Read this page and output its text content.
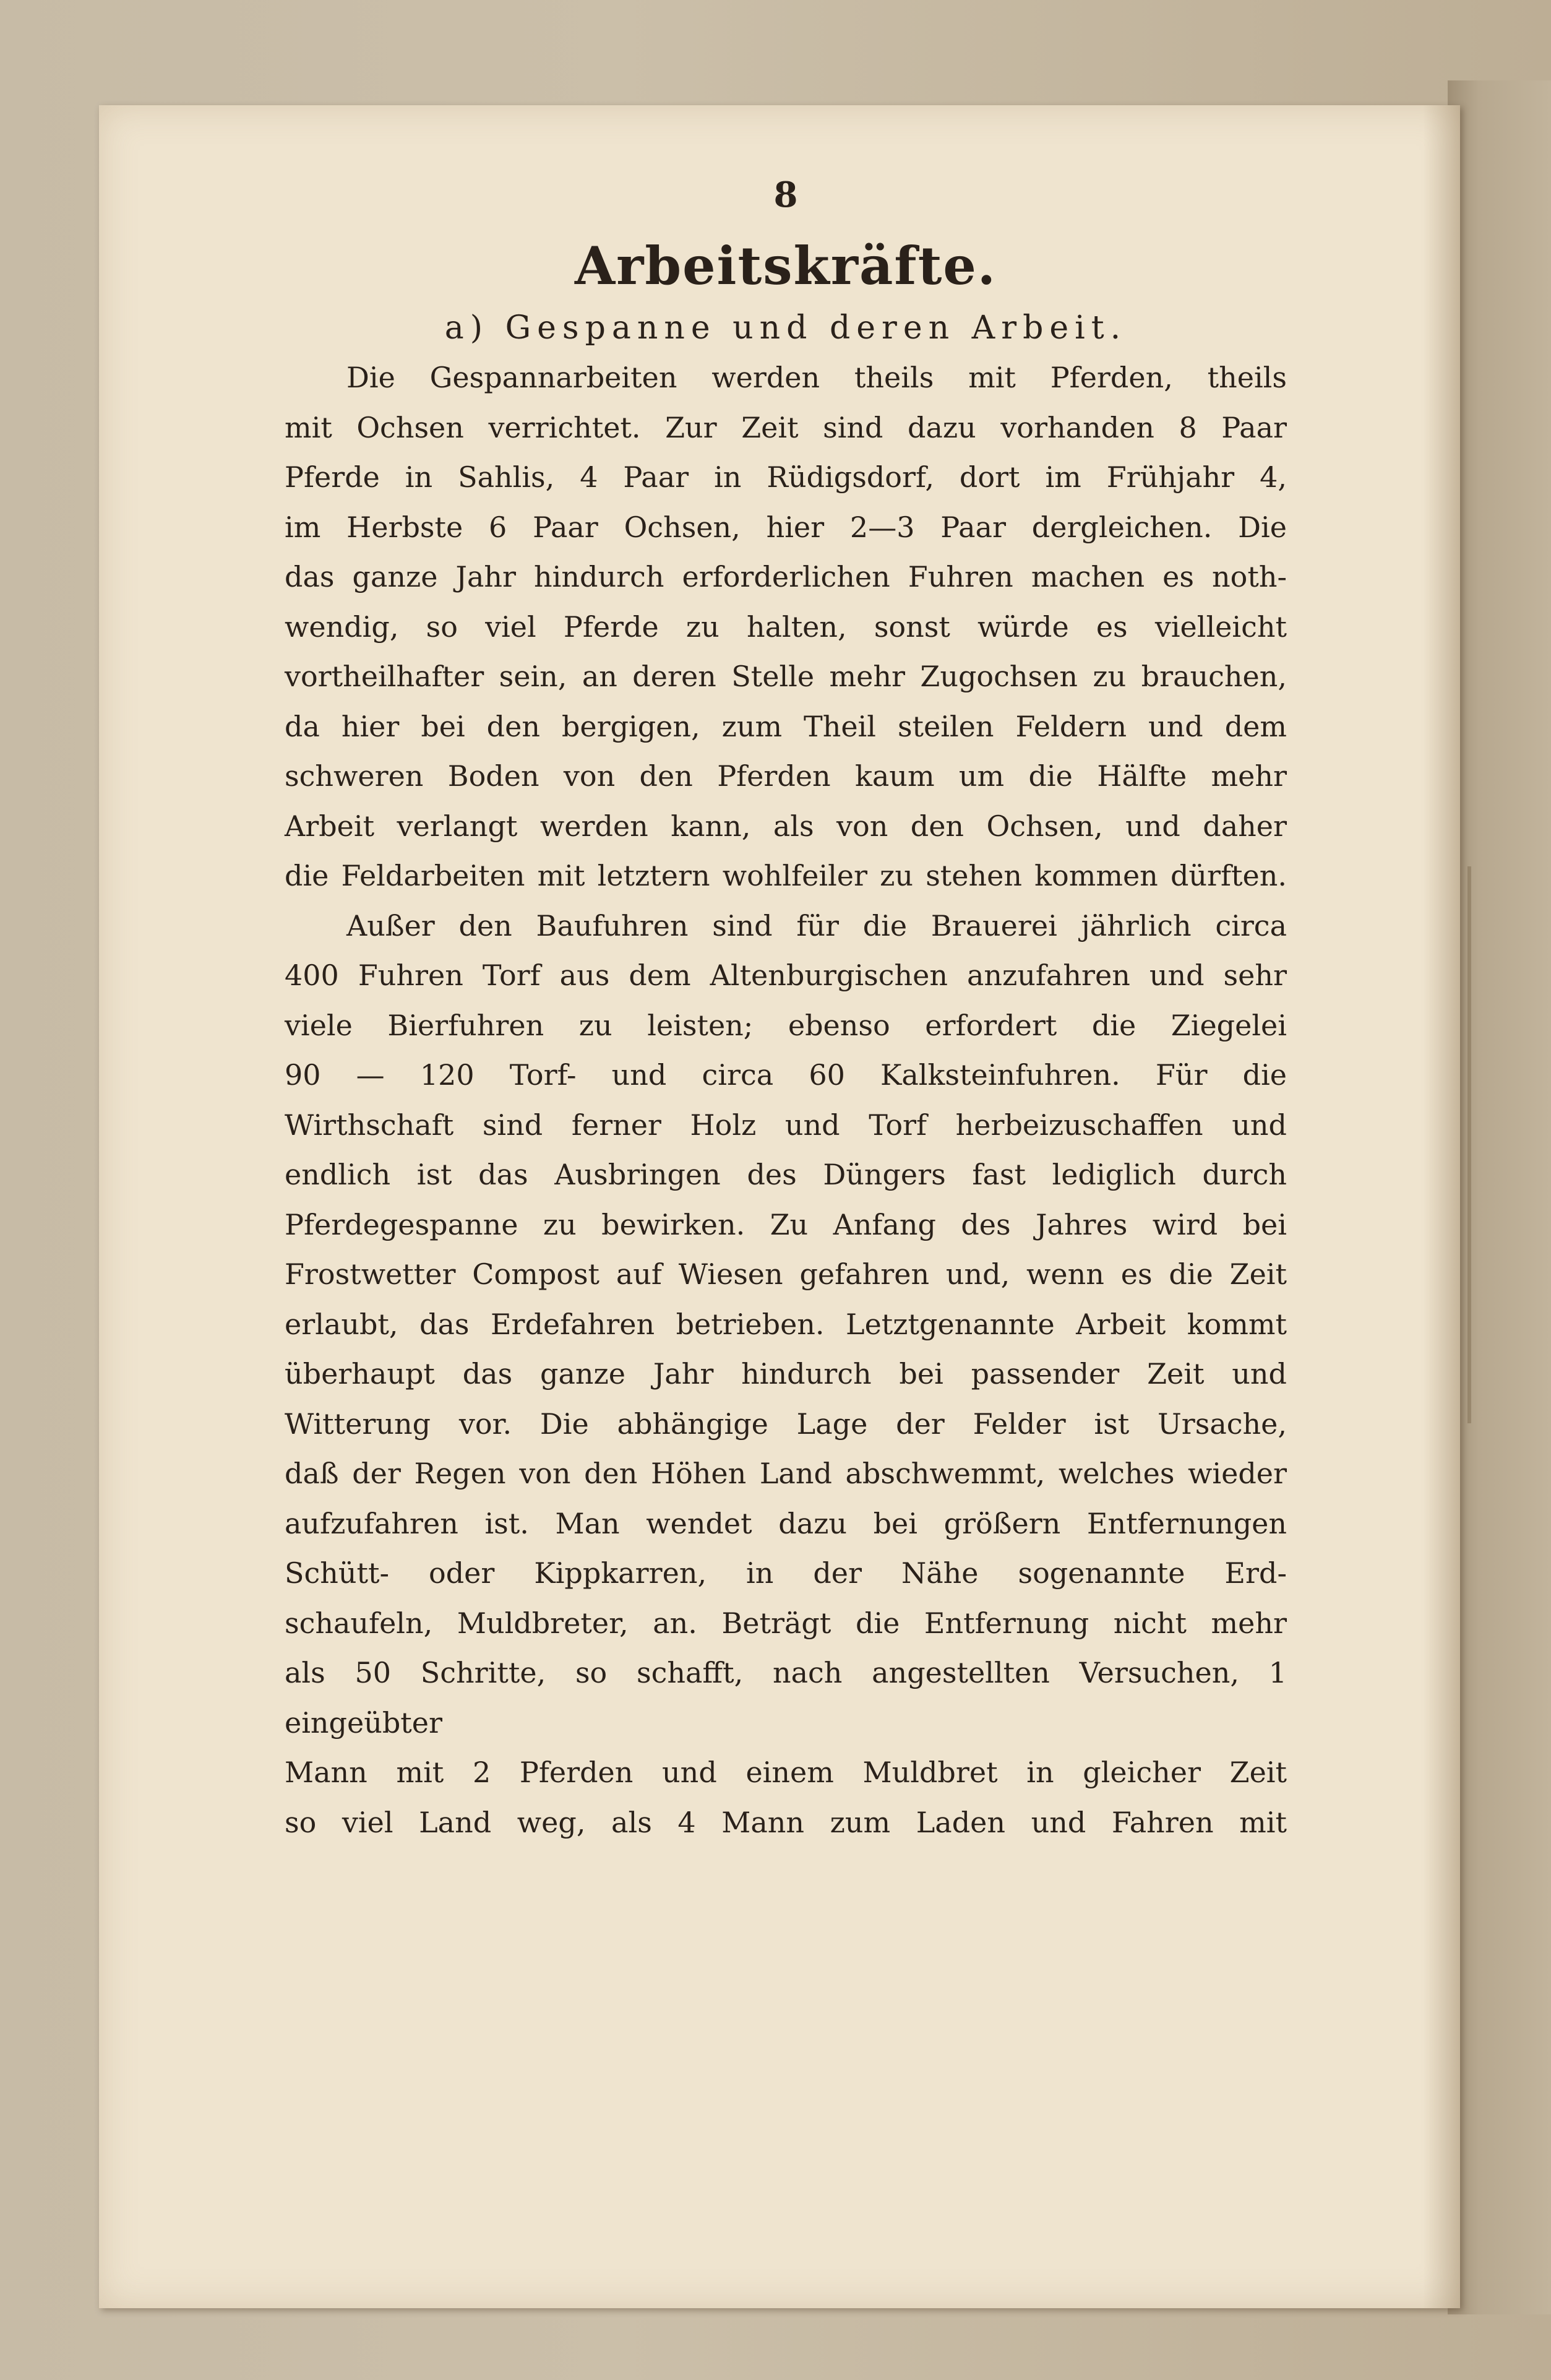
8
Arbeitskräfte.
a) Gespanne und deren Arbeit.

Die Gespannarbeiten werden theils mit Pferden, theils
mit Ochsen verrichtet. Zur Zeit sind dazu vorhanden 8 Paar
Pferde in Sahlis, 4 Paar in Rüdigsdorf, dort im Frühjahr 4,
im Herbste 6 Paar Ochsen, hier 2—3 Paar dergleichen. Die
das ganze Jahr hindurch erforderlichen Fuhren machen es noth-
wendig, so viel Pferde zu halten, sonst würde es vielleicht
vortheilhafter sein, an deren Stelle mehr Zugochsen zu brauchen,
da hier bei den bergigen, zum Theil steilen Feldern und dem
schweren Boden von den Pferden kaum um die Hälfte mehr
Arbeit verlangt werden kann, als von den Ochsen, und daher
die Feldarbeiten mit letztern wohlfeiler zu stehen kommen dürften.

Außer den Baufuhren sind für die Brauerei jährlich circa
400 Fuhren Torf aus dem Altenburgischen anzufahren und sehr
viele Bierfuhren zu leisten; ebenso erfordert die Ziegelei
90 — 120 Torf- und circa 60 Kalksteinfuhren. Für die
Wirthschaft sind ferner Holz und Torf herbeizuschaffen und
endlich ist das Ausbringen des Düngers fast lediglich durch
Pferdegespanne zu bewirken. Zu Anfang des Jahres wird bei
Frostwetter Compost auf Wiesen gefahren und, wenn es die Zeit
erlaubt, das Erdefahren betrieben. Letztgenannte Arbeit kommt
überhaupt das ganze Jahr hindurch bei passender Zeit und
Witterung vor. Die abhängige Lage der Felder ist Ursache,
daß der Regen von den Höhen Land abschwemmt, welches wieder
aufzufahren ist. Man wendet dazu bei größern Entfernungen
Schütt- oder Kippkarren, in der Nähe sogenannte Erd-
schaufeln, Muldbreter, an. Beträgt die Entfernung nicht mehr
als 50 Schritte, so schafft, nach angestellten Versuchen, 1 eingeübter
Mann mit 2 Pferden und einem Muldbret in gleicher Zeit
so viel Land weg, als 4 Mann zum Laden und Fahren mit
